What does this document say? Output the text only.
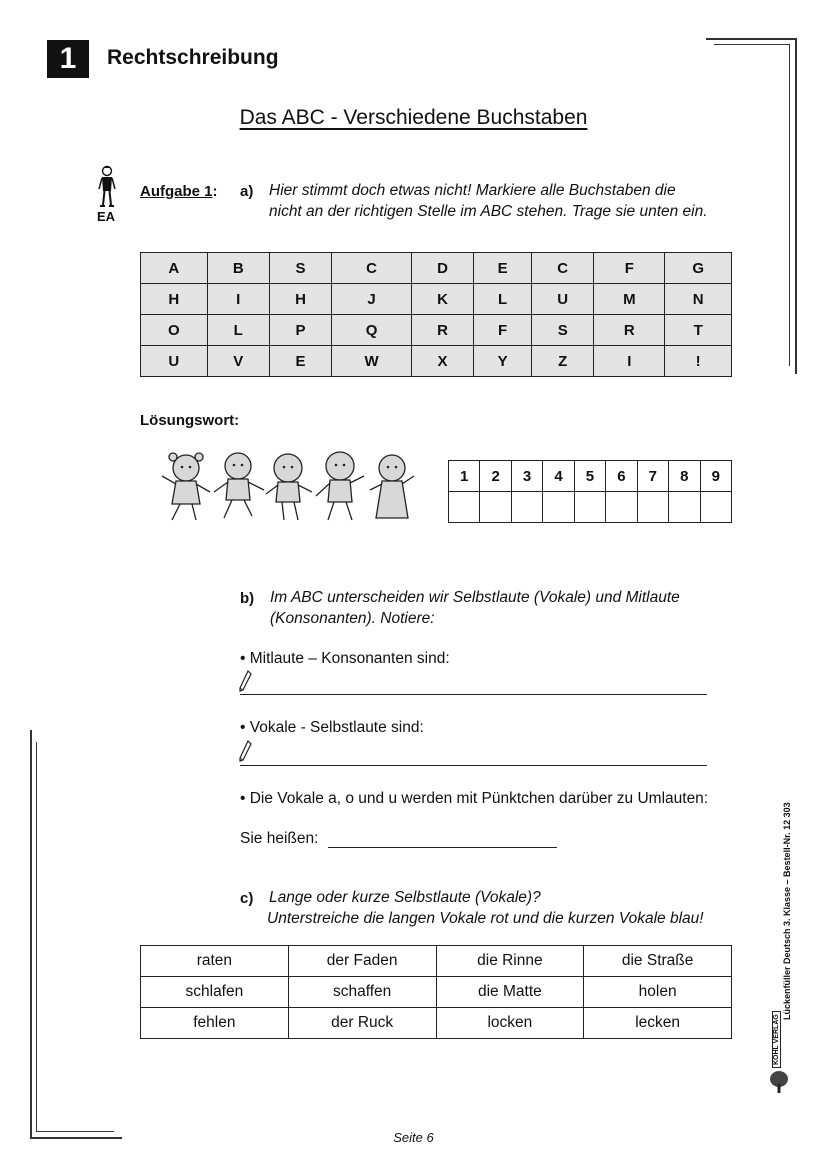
1	Rechtschreibung
Das ABC - Verschiedene Buchstaben
EA
Aufgabe 1: a) Hier stimmt doch etwas nicht! Markiere alle Buchstaben die
nicht an der richtigen Stelle im ABC stehen. Trage sie unten ein.
A	B	S	C	D	E	C	F	G
H	I	H	J	K	L	U	M	N
O	L	P	Q	R	F	S	R	T
U	V	E	W	X	Y	Z	I	!
Lösungswort:
1	2	3	4	5	6	7	8	9

b) Im ABC unterscheiden wir Selbstlaute (Vokale) und Mitlaute
(Konsonanten). Notiere:
• Mitlaute – Konsonanten sind:
• Vokale - Selbstlaute sind:
• Die Vokale a, o und u werden mit Pünktchen darüber zu Umlauten:
Sie heißen:
c) Lange oder kurze Selbstlaute (Vokale)?
Unterstreiche die langen Vokale rot und die kurzen Vokale blau!
raten	der Faden	die Rinne	die Straße
schlafen	schaffen	die Matte	holen
fehlen	der Ruck	locken	lecken
Lückenfüller Deutsch 3. Klasse – Bestell-Nr. 12 303
KOHL VERLAG
Seite 6
